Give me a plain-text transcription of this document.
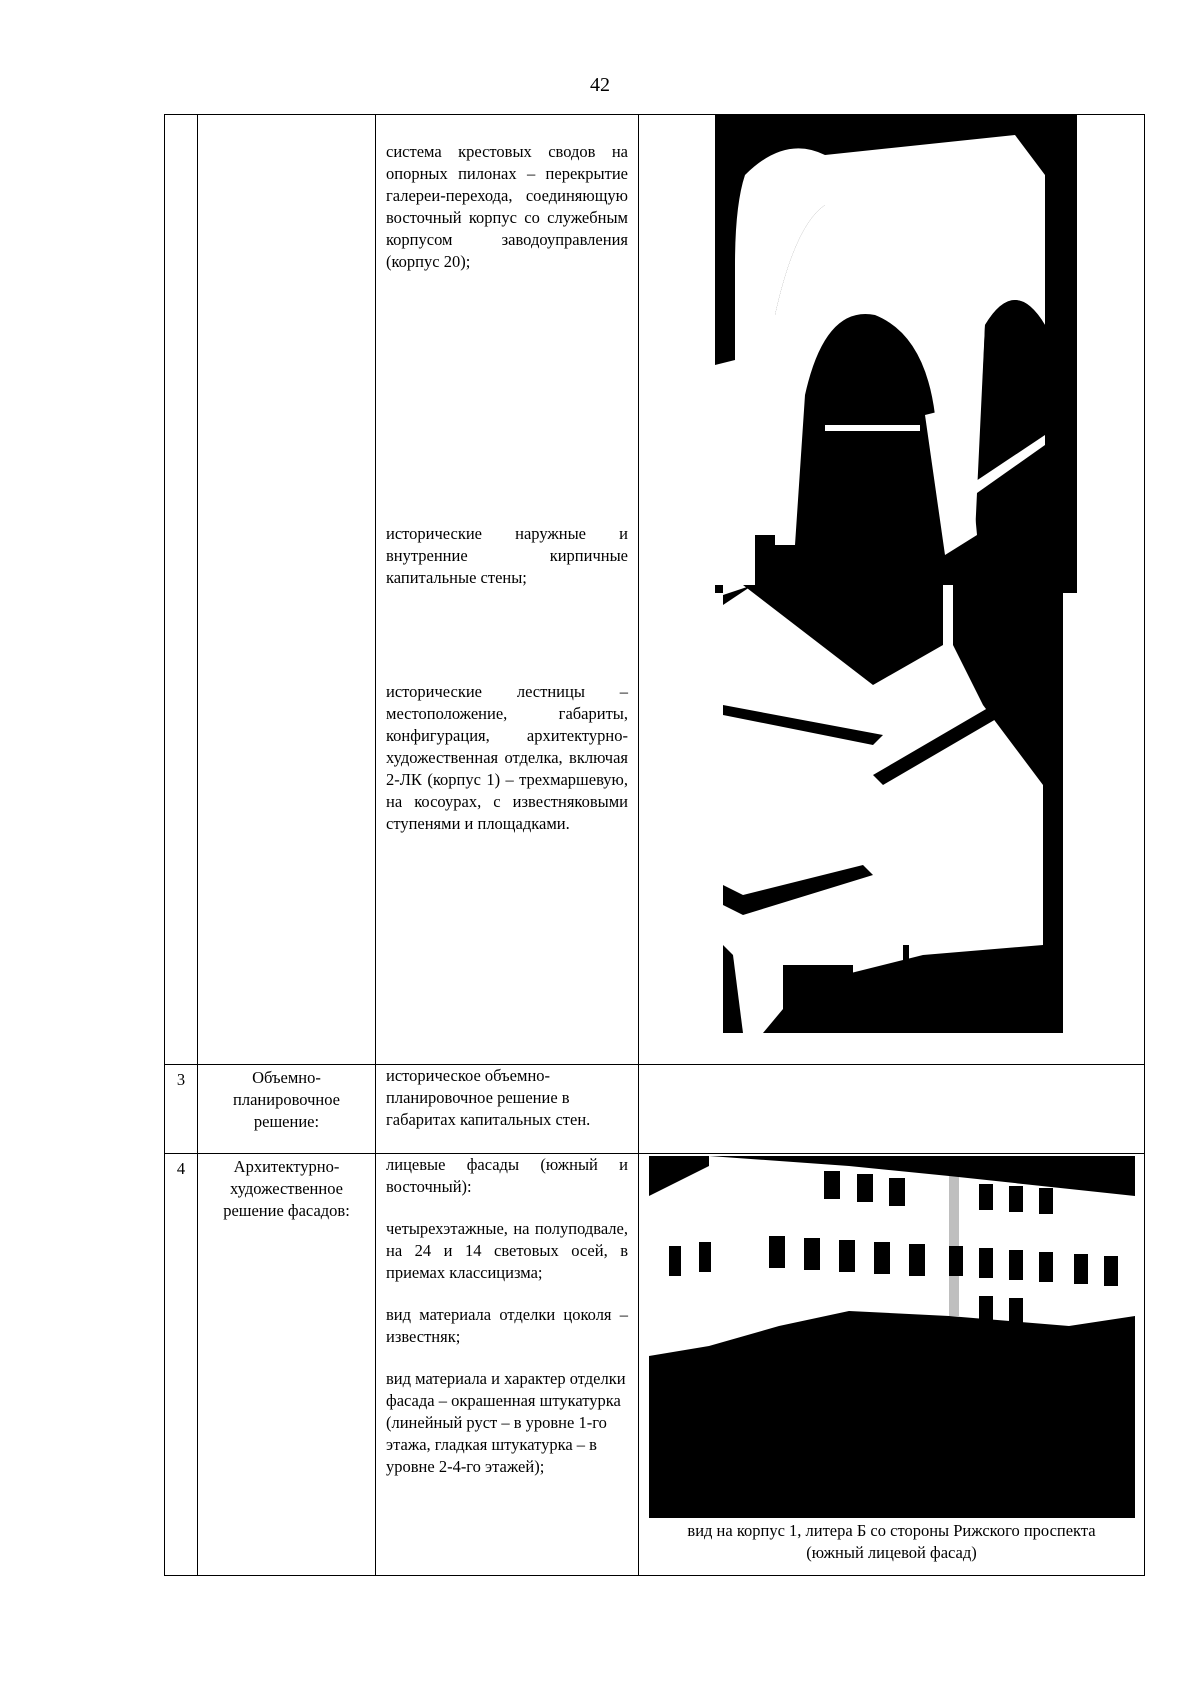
42

		система крестовых сводов на опорных пилонах – перекрытие галереи-перехода, соединяющую восточный корпус со служебным корпусом заводоуправления (корпус 20);

исторические наружные и внутренние кирпичные капитальные стены;

исторические лестницы – местоположение, габариты, конфигурация, архитектурно-художественная отделка, включая 2-ЛК (корпус 1) – трехмаршевую, на косоурах, с известняковыми ступенями и площадками.

3	Объемно-планировочное решение:	историческое объемно-планировочное решение в габаритах капитальных стен.	

4	Архитектурно-художественное решение фасадов:	лицевые фасады (южный и восточный):

четырехэтажные, на полуподвале, на 24 и 14 световых осей, в приемах классицизма;

вид материала отделки цоколя – известняк;

вид материала и характер отделки фасада – окрашенная штукатурка (линейный руст – в уровне 1-го этажа, гладкая штукатурка – в уровне 2-4-го этажей);	вид на корпус 1, литера Б со стороны Рижского проспекта (южный лицевой фасад)
